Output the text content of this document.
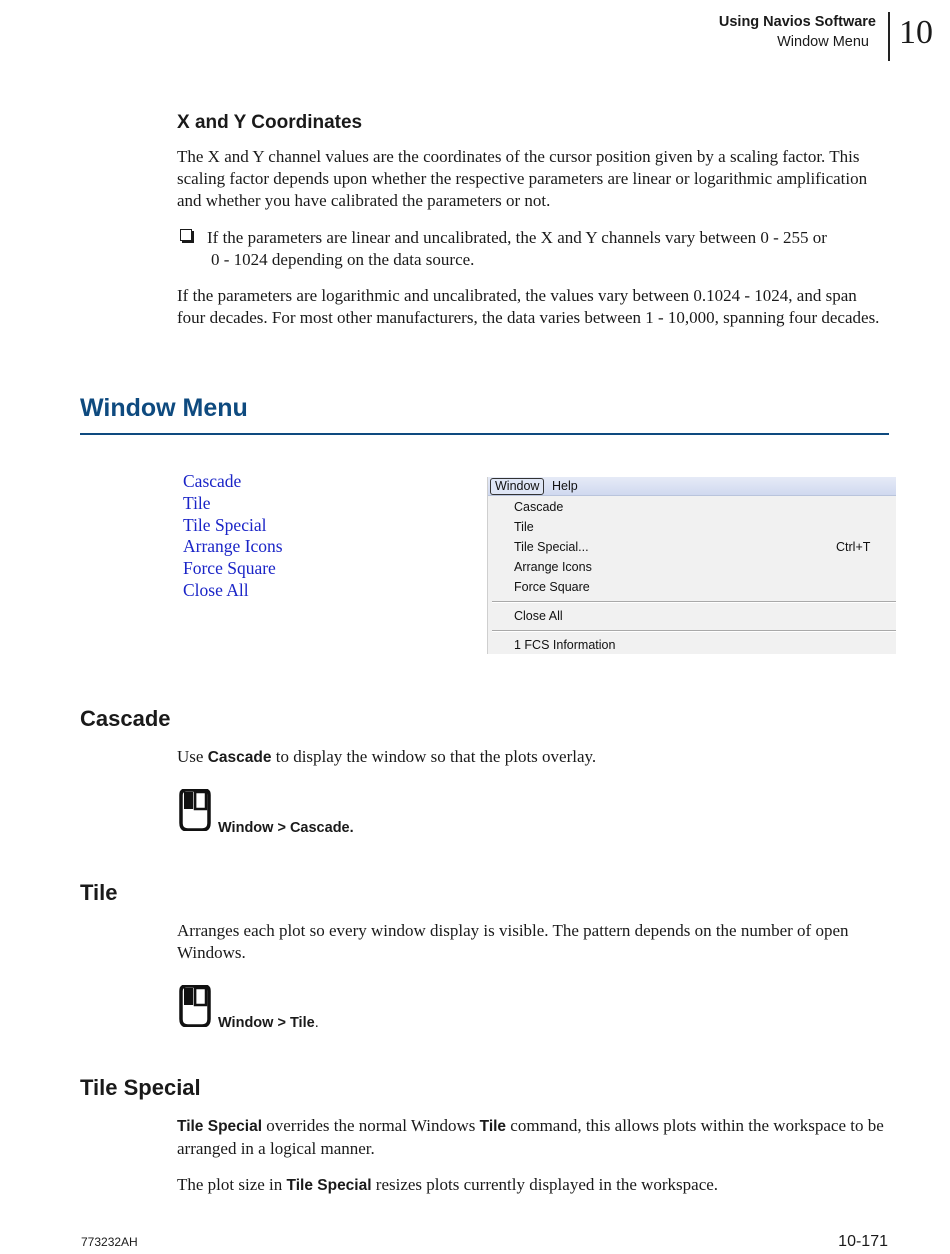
Using Navios Software
Window Menu 10
X and Y Coordinates
The X and Y channel values are the coordinates of the cursor position given by a scaling factor. This scaling factor depends upon whether the respective parameters are linear or logarithmic amplification and whether you have calibrated the parameters or not.
If the parameters are linear and uncalibrated, the X and Y channels vary between 0 - 255 or
0 - 1024 depending on the data source.
If the parameters are logarithmic and uncalibrated, the values vary between 0.1024 - 1024, and span four decades. For most other manufacturers, the data varies between 1 - 10,000, spanning four decades.
Window Menu
Cascade
Tile
Tile Special
Arrange Icons
Force Square
Close All
Window	Help
Cascade
Tile
Tile Special...	Ctrl+T
Arrange Icons
Force Square
Close All
1 FCS Information
Cascade
Use Cascade to display the window so that the plots overlay.
Window > Cascade.
Tile
Arranges each plot so every window display is visible. The pattern depends on the number of open Windows.
Window > Tile.
Tile Special
Tile Special overrides the normal Windows Tile command, this allows plots within the workspace to be arranged in a logical manner.
The plot size in Tile Special resizes plots currently displayed in the workspace.
773232AH	10-171
